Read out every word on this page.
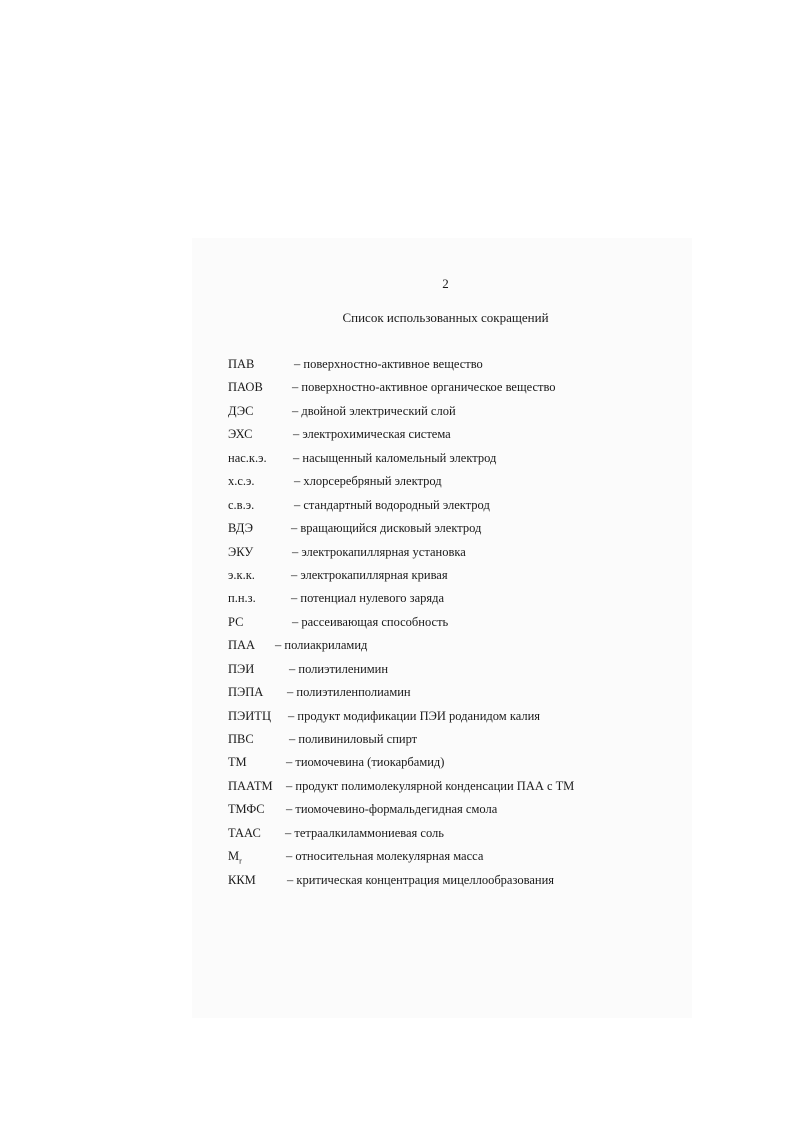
2
Список использованных сокращений
ПАВ	– поверхностно-активное вещество
ПАОВ	– поверхностно-активное органическое вещество
ДЭС	– двойной электрический слой
ЭХС	– электрохимическая система
нас.к.э.	– насыщенный каломельный электрод
х.с.э.	– хлорсеребряный электрод
с.в.э.	– стандартный водородный электрод
ВДЭ	– вращающийся дисковый электрод
ЭКУ	– электрокапиллярная установка
э.к.к.	– электрокапиллярная кривая
п.н.з.	– потенциал нулевого заряда
РС	– рассеивающая способность
ПАА	– полиакриламид
ПЭИ	– полиэтиленимин
ПЭПА	– полиэтиленполиамин
ПЭИТЦ	– продукт модификации ПЭИ роданидом калия
ПВС	– поливиниловый спирт
ТМ	– тиомочевина (тиокарбамид)
ПААТМ	– продукт полимолекулярной конденсации ПАА с ТМ
ТМФС	– тиомочевино-формальдегидная смола
ТААС	– тетраалкиламмониевая соль
$M_r$	– относительная молекулярная масса
ККМ	– критическая концентрация мицеллообразования
